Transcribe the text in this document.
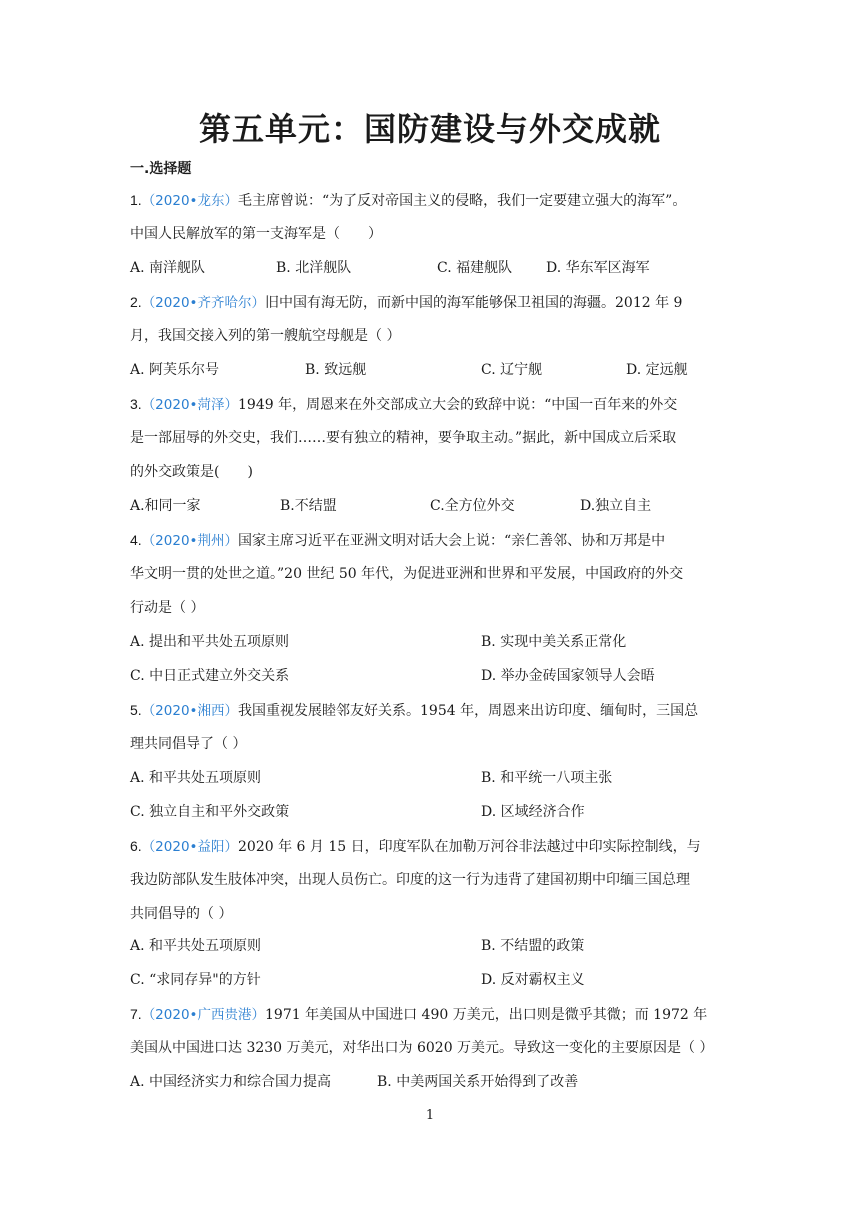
第五单元：国防建设与外交成就
一.选择题
1.（2020•龙东）毛主席曾说：“为了反对帝国主义的侵略，我们一定要建立强大的海军”。
中国人民解放军的第一支海军是（　　）
A. 南洋舰队	B. 北洋舰队	C. 福建舰队 D. 华东军区海军
2.（2020•齐齐哈尔）旧中国有海无防，而新中国的海军能够保卫祖国的海疆。2012 年 9
月，我国交接入列的第一艘航空母舰是（ ）
A. 阿芙乐尔号	B. 致远舰	C. 辽宁舰	D. 定远舰
3.（2020•菏泽）1949 年，周恩来在外交部成立大会的致辞中说：“中国一百年来的外交
是一部屈辱的外交史，我们……要有独立的精神，要争取主动。”据此，新中国成立后采取
的外交政策是(　　)
A.和同一家	B.不结盟	C.全方位外交	D.独立自主
4.（2020•荆州）国家主席习近平在亚洲文明对话大会上说：“亲仁善邻、协和万邦是中
华文明一贯的处世之道。”20 世纪 50 年代，为促进亚洲和世界和平发展，中国政府的外交
行动是（ ）
A. 提出和平共处五项原则	B. 实现中美关系正常化
C. 中日正式建立外交关系	D. 举办金砖国家领导人会晤
5.（2020•湘西）我国重视发展睦邻友好关系。1954 年，周恩来出访印度、缅甸时，三国总
理共同倡导了（ ）
A. 和平共处五项原则	B. 和平统一八项主张
C. 独立自主和平外交政策	D. 区域经济合作
6.（2020•益阳）2020 年 6 月 15 日，印度军队在加勒万河谷非法越过中印实际控制线，与
我边防部队发生肢体冲突，出现人员伤亡。印度的这一行为违背了建国初期中印缅三国总理
共同倡导的（ ）
A. 和平共处五项原则	B. 不结盟的政策
C. “求同存异"的方针	D. 反对霸权主义
7.（2020•广西贵港）1971 年美国从中国进口 490 万美元，出口则是微乎其微；而 1972 年
美国从中国进口达 3230 万美元，对华出口为 6020 万美元。导致这一变化的主要原因是（ ）
A. 中国经济实力和综合国力提高	B. 中美两国关系开始得到了改善
1
